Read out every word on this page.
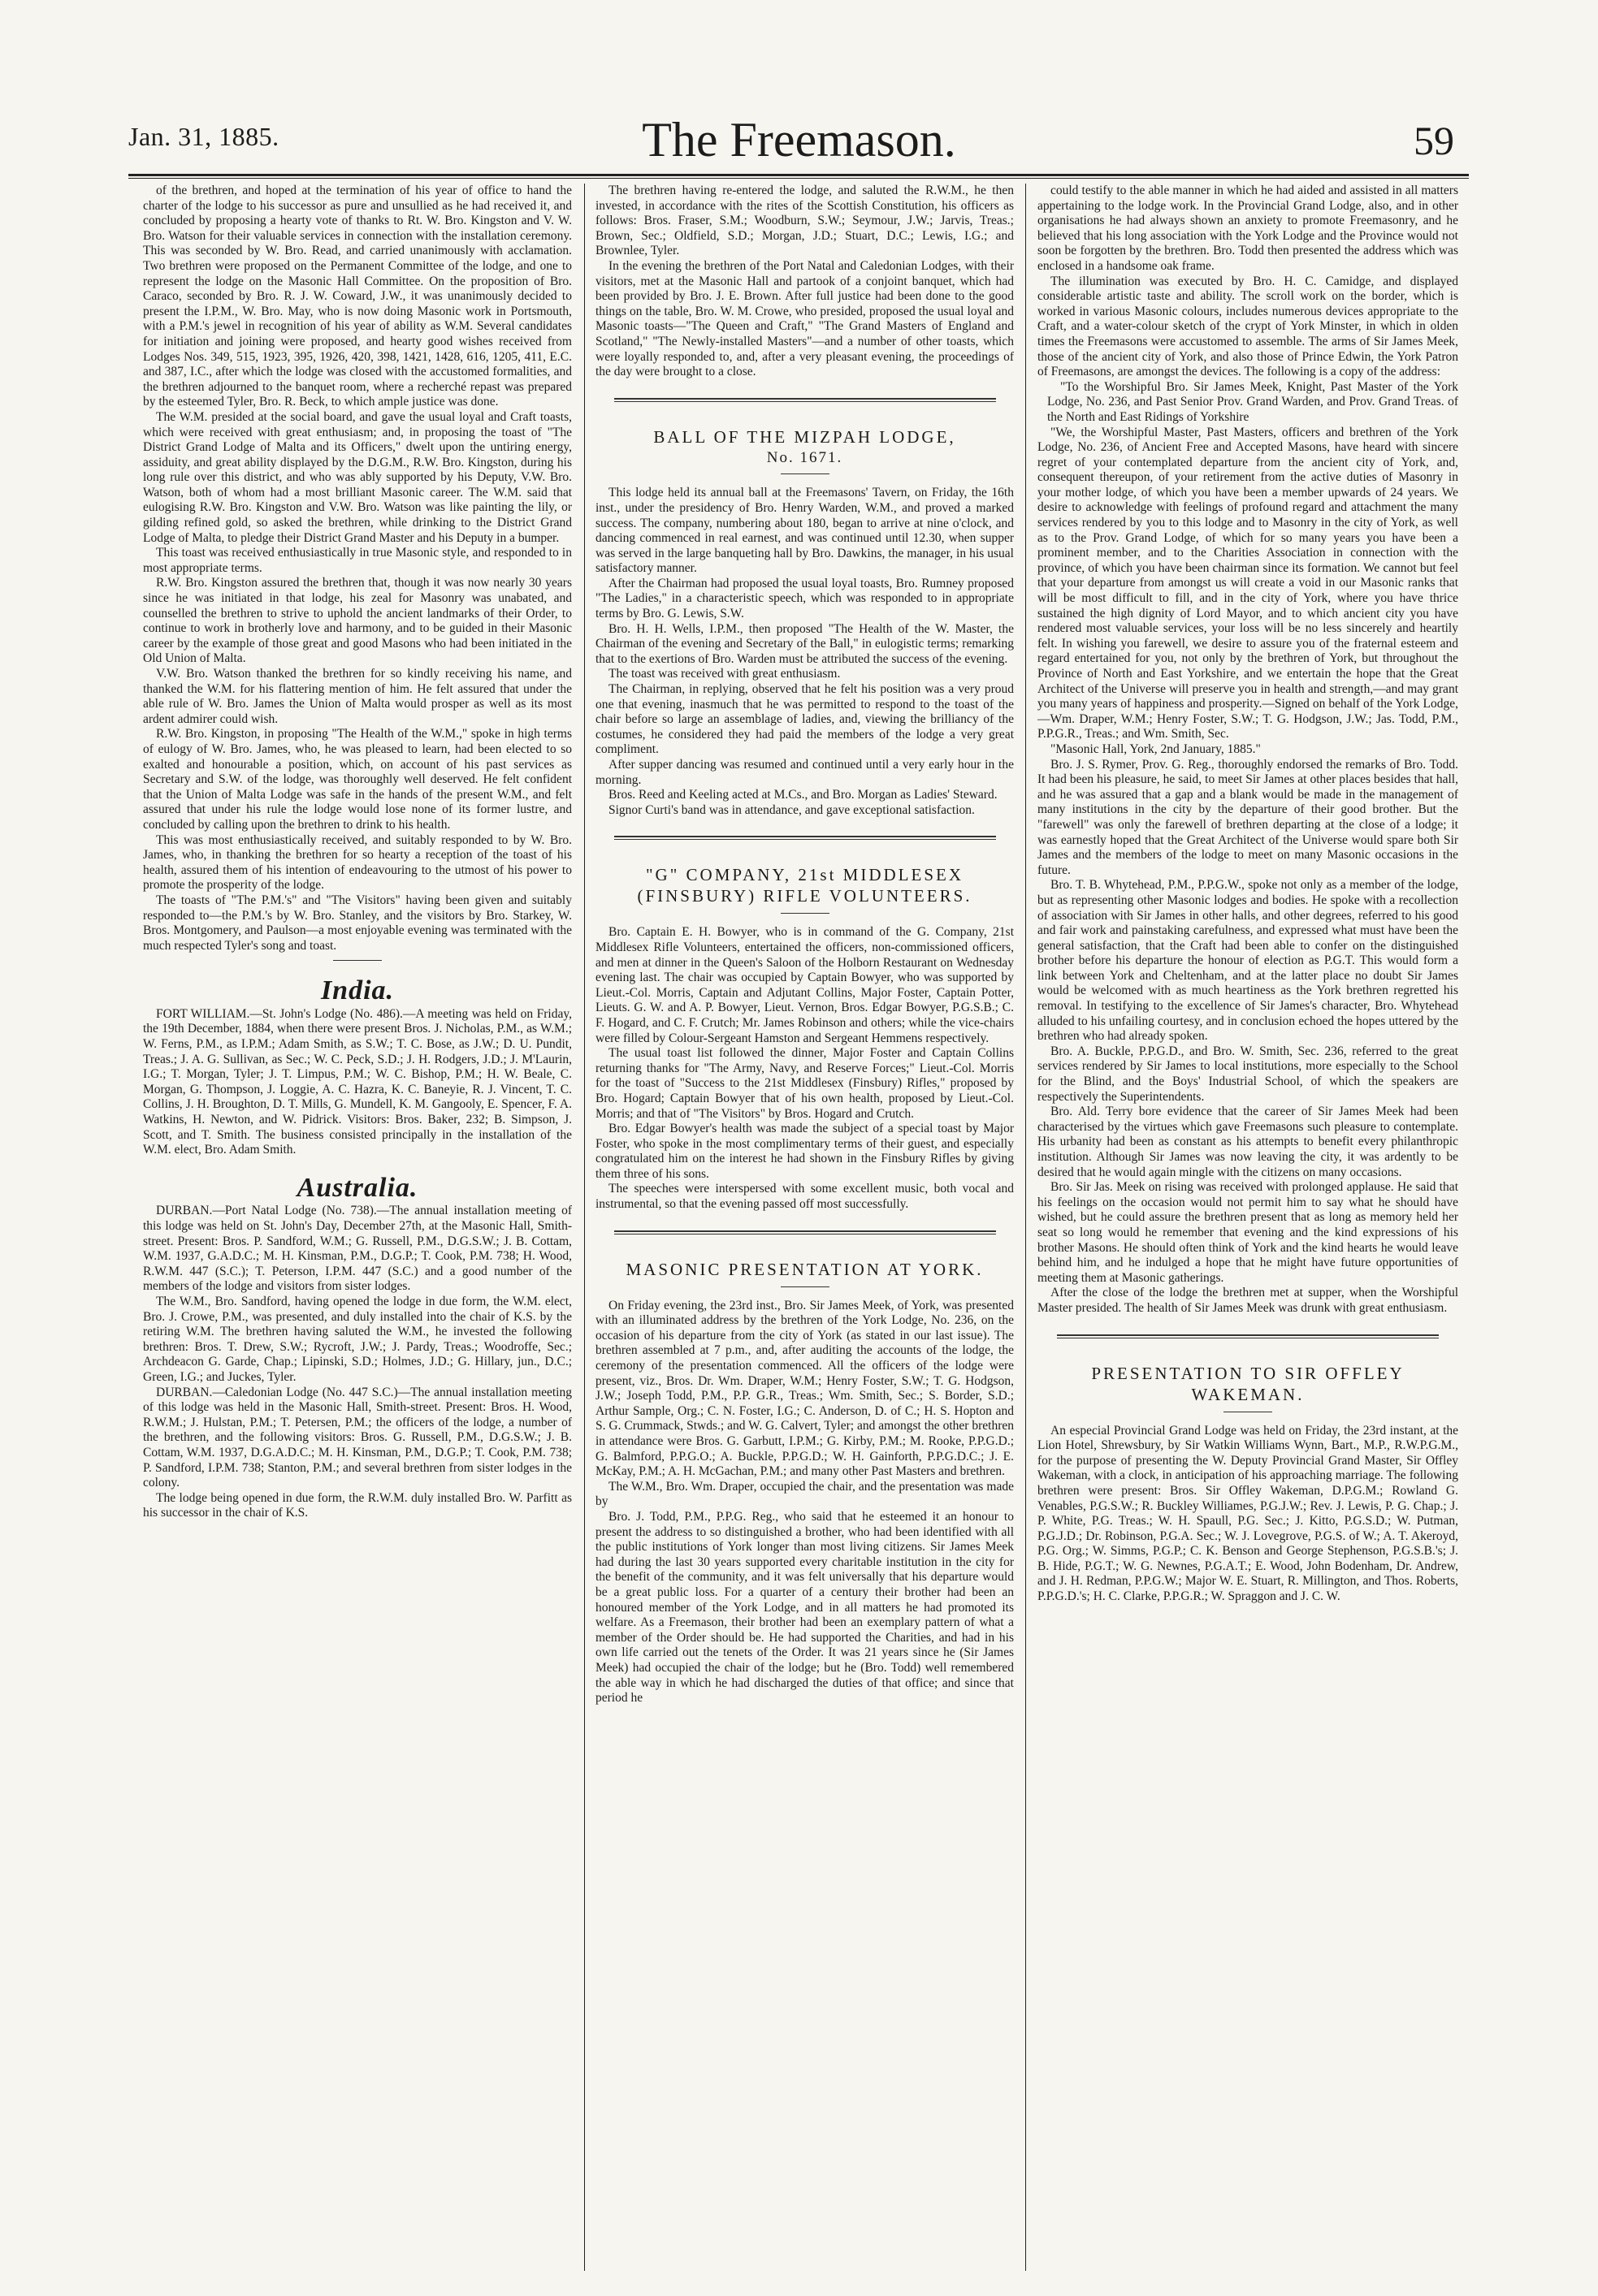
Jan. 31, 1885.	The Freemason.	59

of the brethren, and hoped at the termination of his year of office to hand the charter of the lodge to his successor as pure and unsullied as he had received it, and concluded by proposing a hearty vote of thanks to Rt. W. Bro. Kingston and V. W. Bro. Watson for their valuable services in connection with the installation ceremony. This was seconded by W. Bro. Read, and carried unanimously with acclamation. Two brethren were proposed on the Permanent Committee of the lodge, and one to represent the lodge on the Masonic Hall Committee. On the proposition of Bro. Caraco, seconded by Bro. R. J. W. Coward, J.W., it was unanimously decided to present the I.P.M., W. Bro. May, who is now doing Masonic work in Portsmouth, with a P.M.'s jewel in recognition of his year of ability as W.M. Several candidates for initiation and joining were proposed, and hearty good wishes received from Lodges Nos. 349, 515, 1923, 395, 1926, 420, 398, 1421, 1428, 616, 1205, 411, E.C. and 387, I.C., after which the lodge was closed with the accustomed formalities, and the brethren adjourned to the banquet room, where a recherché repast was prepared by the esteemed Tyler, Bro. R. Beck, to which ample justice was done.

The W.M. presided at the social board, and gave the usual loyal and Craft toasts, which were received with great enthusiasm; and, in proposing the toast of "The District Grand Lodge of Malta and its Officers," dwelt upon the untiring energy, assiduity, and great ability displayed by the D.G.M., R.W. Bro. Kingston, during his long rule over this district, and who was ably supported by his Deputy, V.W. Bro. Watson, both of whom had a most brilliant Masonic career. The W.M. said that eulogising R.W. Bro. Kingston and V.W. Bro. Watson was like painting the lily, or gilding refined gold, so asked the brethren, while drinking to the District Grand Lodge of Malta, to pledge their District Grand Master and his Deputy in a bumper.

This toast was received enthusiastically in true Masonic style, and responded to in most appropriate terms.

R.W. Bro. Kingston assured the brethren that, though it was now nearly 30 years since he was initiated in that lodge, his zeal for Masonry was unabated, and counselled the brethren to strive to uphold the ancient landmarks of their Order, to continue to work in brotherly love and harmony, and to be guided in their Masonic career by the example of those great and good Masons who had been initiated in the Old Union of Malta.

V.W. Bro. Watson thanked the brethren for so kindly receiving his name, and thanked the W.M. for his flattering mention of him. He felt assured that under the able rule of W. Bro. James the Union of Malta would prosper as well as its most ardent admirer could wish.

R.W. Bro. Kingston, in proposing "The Health of the W.M.," spoke in high terms of eulogy of W. Bro. James, who, he was pleased to learn, had been elected to so exalted and honourable a position, which, on account of his past services as Secretary and S.W. of the lodge, was thoroughly well deserved. He felt confident that the Union of Malta Lodge was safe in the hands of the present W.M., and felt assured that under his rule the lodge would lose none of its former lustre, and concluded by calling upon the brethren to drink to his health.

This was most enthusiastically received, and suitably responded to by W. Bro. James, who, in thanking the brethren for so hearty a reception of the toast of his health, assured them of his intention of endeavouring to the utmost of his power to promote the prosperity of the lodge.

The toasts of "The P.M.'s" and "The Visitors" having been given and suitably responded to—the P.M.'s by W. Bro. Stanley, and the visitors by Bro. Starkey, W. Bros. Montgomery, and Paulson—a most enjoyable evening was terminated with the much respected Tyler's song and toast.

India.

FORT WILLIAM.—St. John's Lodge (No. 486).—A meeting was held on Friday, the 19th December, 1884, when there were present Bros. J. Nicholas, P.M., as W.M.; W. Ferns, P.M., as I.P.M.; Adam Smith, as S.W.; T. C. Bose, as J.W.; D. U. Pundit, Treas.; J. A. G. Sullivan, as Sec.; W. C. Peck, S.D.; J. H. Rodgers, J.D.; J. M'Laurin, I.G.; T. Morgan, Tyler; J. T. Limpus, P.M.; W. C. Bishop, P.M.; H. W. Beale, C. Morgan, G. Thompson, J. Loggie, A. C. Hazra, K. C. Baneyie, R. J. Vincent, T. C. Collins, J. H. Broughton, D. T. Mills, G. Mundell, K. M. Gangooly, E. Spencer, F. A. Watkins, H. Newton, and W. Pidrick. Visitors: Bros. Baker, 232; B. Simpson, J. Scott, and T. Smith. The business consisted principally in the installation of the W.M. elect, Bro. Adam Smith.

Australia.

DURBAN.—Port Natal Lodge (No. 738).—The annual installation meeting of this lodge was held on St. John's Day, December 27th, at the Masonic Hall, Smith-street. Present: Bros. P. Sandford, W.M.; G. Russell, P.M., D.G.S.W.; J. B. Cottam, W.M. 1937, G.A.D.C.; M. H. Kinsman, P.M., D.G.P.; T. Cook, P.M. 738; H. Wood, R.W.M. 447 (S.C.); T. Peterson, I.P.M. 447 (S.C.) and a good number of the members of the lodge and visitors from sister lodges.

The W.M., Bro. Sandford, having opened the lodge in due form, the W.M. elect, Bro. J. Crowe, P.M., was presented, and duly installed into the chair of K.S. by the retiring W.M. The brethren having saluted the W.M., he invested the following brethren: Bros. T. Drew, S.W.; Rycroft, J.W.; J. Pardy, Treas.; Woodroffe, Sec.; Archdeacon G. Garde, Chap.; Lipinski, S.D.; Holmes, J.D.; G. Hillary, jun., D.C.; Green, I.G.; and Juckes, Tyler.

DURBAN.—Caledonian Lodge (No. 447 S.C.)—The annual installation meeting of this lodge was held in the Masonic Hall, Smith-street. Present: Bros. H. Wood, R.W.M.; J. Hulstan, P.M.; T. Petersen, P.M.; the officers of the lodge, a number of the brethren, and the following visitors: Bros. G. Russell, P.M., D.G.S.W.; J. B. Cottam, W.M. 1937, D.G.A.D.C.; M. H. Kinsman, P.M., D.G.P.; T. Cook, P.M. 738; P. Sandford, I.P.M. 738; Stanton, P.M.; and several brethren from sister lodges in the colony.

The lodge being opened in due form, the R.W.M. duly installed Bro. W. Parfitt as his successor in the chair of K.S.

The brethren having re-entered the lodge, and saluted the R.W.M., he then invested, in accordance with the rites of the Scottish Constitution, his officers as follows: Bros. Fraser, S.M.; Woodburn, S.W.; Seymour, J.W.; Jarvis, Treas.; Brown, Sec.; Oldfield, S.D.; Morgan, J.D.; Stuart, D.C.; Lewis, I.G.; and Brownlee, Tyler.

In the evening the brethren of the Port Natal and Caledonian Lodges, with their visitors, met at the Masonic Hall and partook of a conjoint banquet, which had been provided by Bro. J. E. Brown. After full justice had been done to the good things on the table, Bro. W. M. Crowe, who presided, proposed the usual loyal and Masonic toasts—"The Queen and Craft," "The Grand Masters of England and Scotland," "The Newly-installed Masters"—and a number of other toasts, which were loyally responded to, and, after a very pleasant evening, the proceedings of the day were brought to a close.

BALL OF THE MIZPAH LODGE,
No. 1671.

This lodge held its annual ball at the Freemasons' Tavern, on Friday, the 16th inst., under the presidency of Bro. Henry Warden, W.M., and proved a marked success. The company, numbering about 180, began to arrive at nine o'clock, and dancing commenced in real earnest, and was continued until 12.30, when supper was served in the large banqueting hall by Bro. Dawkins, the manager, in his usual satisfactory manner.

After the Chairman had proposed the usual loyal toasts, Bro. Rumney proposed "The Ladies," in a characteristic speech, which was responded to in appropriate terms by Bro. G. Lewis, S.W.

Bro. H. H. Wells, I.P.M., then proposed "The Health of the W. Master, the Chairman of the evening and Secretary of the Ball," in eulogistic terms; remarking that to the exertions of Bro. Warden must be attributed the success of the evening.

The toast was received with great enthusiasm.

The Chairman, in replying, observed that he felt his position was a very proud one that evening, inasmuch that he was permitted to respond to the toast of the chair before so large an assemblage of ladies, and, viewing the brilliancy of the costumes, he considered they had paid the members of the lodge a very great compliment.

After supper dancing was resumed and continued until a very early hour in the morning.

Bros. Reed and Keeling acted at M.Cs., and Bro. Morgan as Ladies' Steward.

Signor Curti's band was in attendance, and gave exceptional satisfaction.

"G" COMPANY, 21st MIDDLESEX (FINSBURY) RIFLE VOLUNTEERS.

Bro. Captain E. H. Bowyer, who is in command of the G. Company, 21st Middlesex Rifle Volunteers, entertained the officers, non-commissioned officers, and men at dinner in the Queen's Saloon of the Holborn Restaurant on Wednesday evening last. The chair was occupied by Captain Bowyer, who was supported by Lieut.-Col. Morris, Captain and Adjutant Collins, Major Foster, Captain Potter, Lieuts. G. W. and A. P. Bowyer, Lieut. Vernon, Bros. Edgar Bowyer, P.G.S.B.; C. F. Hogard, and C. F. Crutch; Mr. James Robinson and others; while the vice-chairs were filled by Colour-Sergeant Hamston and Sergeant Hemmens respectively.

The usual toast list followed the dinner, Major Foster and Captain Collins returning thanks for "The Army, Navy, and Reserve Forces;" Lieut.-Col. Morris for the toast of "Success to the 21st Middlesex (Finsbury) Rifles," proposed by Bro. Hogard; Captain Bowyer that of his own health, proposed by Lieut.-Col. Morris; and that of "The Visitors" by Bros. Hogard and Crutch.

Bro. Edgar Bowyer's health was made the subject of a special toast by Major Foster, who spoke in the most complimentary terms of their guest, and especially congratulated him on the interest he had shown in the Finsbury Rifles by giving them three of his sons.

The speeches were interspersed with some excellent music, both vocal and instrumental, so that the evening passed off most successfully.

MASONIC PRESENTATION AT YORK.

On Friday evening, the 23rd inst., Bro. Sir James Meek, of York, was presented with an illuminated address by the brethren of the York Lodge, No. 236, on the occasion of his departure from the city of York (as stated in our last issue). The brethren assembled at 7 p.m., and, after auditing the accounts of the lodge, the ceremony of the presentation commenced. All the officers of the lodge were present, viz., Bros. Dr. Wm. Draper, W.M.; Henry Foster, S.W.; T. G. Hodgson, J.W.; Joseph Todd, P.M., P.P. G.R., Treas.; Wm. Smith, Sec.; S. Border, S.D.; Arthur Sample, Org.; C. N. Foster, I.G.; C. Anderson, D. of C.; H. S. Hopton and S. G. Crummack, Stwds.; and W. G. Calvert, Tyler; and amongst the other brethren in attendance were Bros. G. Garbutt, I.P.M.; G. Kirby, P.M.; M. Rooke, P.P.G.D.; G. Balmford, P.P.G.O.; A. Buckle, P.P.G.D.; W. H. Gainforth, P.P.G.D.C.; J. E. McKay, P.M.; A. H. McGachan, P.M.; and many other Past Masters and brethren.

The W.M., Bro. Wm. Draper, occupied the chair, and the presentation was made by

Bro. J. Todd, P.M., P.P.G. Reg., who said that he esteemed it an honour to present the address to so distinguished a brother, who had been identified with all the public institutions of York longer than most living citizens. Sir James Meek had during the last 30 years supported every charitable institution in the city for the benefit of the community, and it was felt universally that his departure would be a great public loss. For a quarter of a century their brother had been an honoured member of the York Lodge, and in all matters he had promoted its welfare. As a Freemason, their brother had been an exemplary pattern of what a member of the Order should be. He had supported the Charities, and had in his own life carried out the tenets of the Order. It was 21 years since he (Sir James Meek) had occupied the chair of the lodge; but he (Bro. Todd) well remembered the able way in which he had discharged the duties of that office; and since that period he

could testify to the able manner in which he had aided and assisted in all matters appertaining to the lodge work. In the Provincial Grand Lodge, also, and in other organisations he had always shown an anxiety to promote Freemasonry, and he believed that his long association with the York Lodge and the Province would not soon be forgotten by the brethren. Bro. Todd then presented the address which was enclosed in a handsome oak frame.

The illumination was executed by Bro. H. C. Camidge, and displayed considerable artistic taste and ability. The scroll work on the border, which is worked in various Masonic colours, includes numerous devices appropriate to the Craft, and a water-colour sketch of the crypt of York Minster, in which in olden times the Freemasons were accustomed to assemble. The arms of Sir James Meek, those of the ancient city of York, and also those of Prince Edwin, the York Patron of Freemasons, are amongst the devices. The following is a copy of the address:

"To the Worshipful Bro. Sir James Meek, Knight, Past Master of the York Lodge, No. 236, and Past Senior Prov. Grand Warden, and Prov. Grand Treas. of the North and East Ridings of Yorkshire

"We, the Worshipful Master, Past Masters, officers and brethren of the York Lodge, No. 236, of Ancient Free and Accepted Masons, have heard with sincere regret of your contemplated departure from the ancient city of York, and, consequent thereupon, of your retirement from the active duties of Masonry in your mother lodge, of which you have been a member upwards of 24 years. We desire to acknowledge with feelings of profound regard and attachment the many services rendered by you to this lodge and to Masonry in the city of York, as well as to the Prov. Grand Lodge, of which for so many years you have been a prominent member, and to the Charities Association in connection with the province, of which you have been chairman since its formation. We cannot but feel that your departure from amongst us will create a void in our Masonic ranks that will be most difficult to fill, and in the city of York, where you have thrice sustained the high dignity of Lord Mayor, and to which ancient city you have rendered most valuable services, your loss will be no less sincerely and heartily felt. In wishing you farewell, we desire to assure you of the fraternal esteem and regard entertained for you, not only by the brethren of York, but throughout the Province of North and East Yorkshire, and we entertain the hope that the Great Architect of the Universe will preserve you in health and strength,—and may grant you many years of happiness and prosperity.—Signed on behalf of the York Lodge,—Wm. Draper, W.M.; Henry Foster, S.W.; T. G. Hodgson, J.W.; Jas. Todd, P.M., P.P.G.R., Treas.; and Wm. Smith, Sec.

"Masonic Hall, York, 2nd January, 1885."

Bro. J. S. Rymer, Prov. G. Reg., thoroughly endorsed the remarks of Bro. Todd. It had been his pleasure, he said, to meet Sir James at other places besides that hall, and he was assured that a gap and a blank would be made in the management of many institutions in the city by the departure of their good brother. But the "farewell" was only the farewell of brethren departing at the close of a lodge; it was earnestly hoped that the Great Architect of the Universe would spare both Sir James and the members of the lodge to meet on many Masonic occasions in the future.

Bro. T. B. Whytehead, P.M., P.P.G.W., spoke not only as a member of the lodge, but as representing other Masonic lodges and bodies. He spoke with a recollection of association with Sir James in other halls, and other degrees, referred to his good and fair work and painstaking carefulness, and expressed what must have been the general satisfaction, that the Craft had been able to confer on the distinguished brother before his departure the honour of election as P.G.T. This would form a link between York and Cheltenham, and at the latter place no doubt Sir James would be welcomed with as much heartiness as the York brethren regretted his removal. In testifying to the excellence of Sir James's character, Bro. Whytehead alluded to his unfailing courtesy, and in conclusion echoed the hopes uttered by the brethren who had already spoken.

Bro. A. Buckle, P.P.G.D., and Bro. W. Smith, Sec. 236, referred to the great services rendered by Sir James to local institutions, more especially to the School for the Blind, and the Boys' Industrial School, of which the speakers are respectively the Superintendents.

Bro. Ald. Terry bore evidence that the career of Sir James Meek had been characterised by the virtues which gave Freemasons such pleasure to contemplate. His urbanity had been as constant as his attempts to benefit every philanthropic institution. Although Sir James was now leaving the city, it was ardently to be desired that he would again mingle with the citizens on many occasions.

Bro. Sir Jas. Meek on rising was received with prolonged applause. He said that his feelings on the occasion would not permit him to say what he should have wished, but he could assure the brethren present that as long as memory held her seat so long would he remember that evening and the kind expressions of his brother Masons. He should often think of York and the kind hearts he would leave behind him, and he indulged a hope that he might have future opportunities of meeting them at Masonic gatherings.

After the close of the lodge the brethren met at supper, when the Worshipful Master presided. The health of Sir James Meek was drunk with great enthusiasm.

PRESENTATION TO SIR OFFLEY WAKEMAN.

An especial Provincial Grand Lodge was held on Friday, the 23rd instant, at the Lion Hotel, Shrewsbury, by Sir Watkin Williams Wynn, Bart., M.P., R.W.P.G.M., for the purpose of presenting the W. Deputy Provincial Grand Master, Sir Offley Wakeman, with a clock, in anticipation of his approaching marriage. The following brethren were present: Bros. Sir Offley Wakeman, D.P.G.M.; Rowland G. Venables, P.G.S.W.; R. Buckley Williames, P.G.J.W.; Rev. J. Lewis, P. G. Chap.; J. P. White, P.G. Treas.; W. H. Spaull, P.G. Sec.; J. Kitto, P.G.S.D.; W. Putman, P.G.J.D.; Dr. Robinson, P.G.A. Sec.; W. J. Lovegrove, P.G.S. of W.; A. T. Akeroyd, P.G. Org.; W. Simms, P.G.P.; C. K. Benson and George Stephenson, P.G.S.B.'s; J. B. Hide, P.G.T.; W. G. Newnes, P.G.A.T.; E. Wood, John Bodenham, Dr. Andrew, and J. H. Redman, P.P.G.W.; Major W. E. Stuart, R. Millington, and Thos. Roberts, P.P.G.D.'s; H. C. Clarke, P.P.G.R.; W. Spraggon and J. C. W.
